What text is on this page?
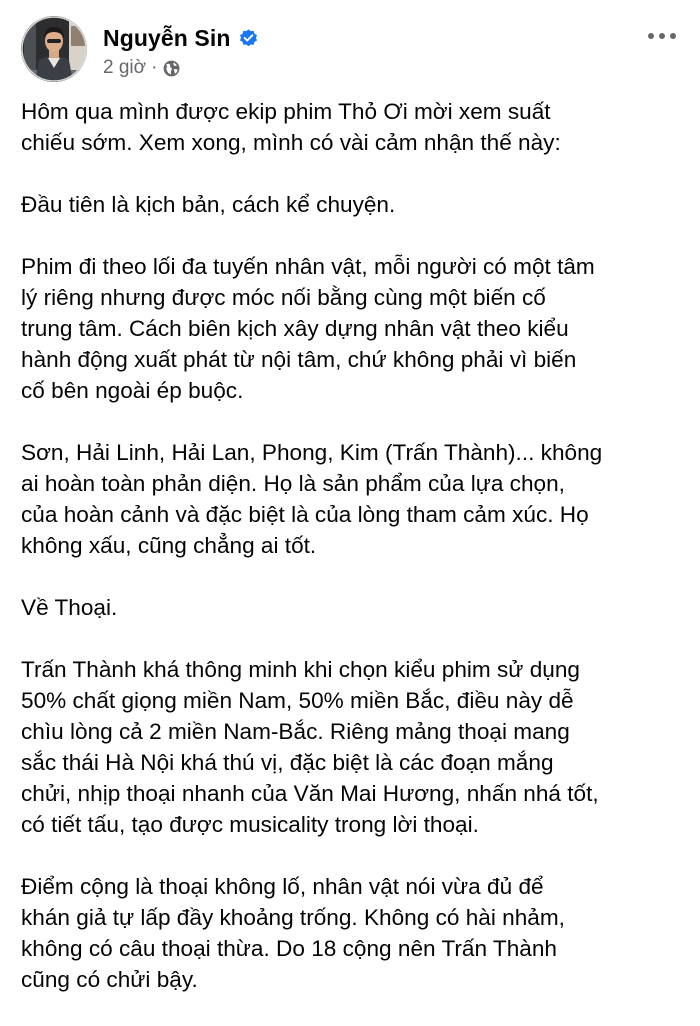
Nguyễn Sin
2 giờ ·
Hôm qua mình được ekip phim Thỏ Ơi mời xem suất
chiếu sớm. Xem xong, mình có vài cảm nhận thế này:
Đầu tiên là kịch bản, cách kể chuyện.
Phim đi theo lối đa tuyến nhân vật, mỗi người có một tâm
lý riêng nhưng được móc nối bằng cùng một biến cố
trung tâm. Cách biên kịch xây dựng nhân vật theo kiểu
hành động xuất phát từ nội tâm, chứ không phải vì biến
cố bên ngoài ép buộc.
Sơn, Hải Linh, Hải Lan, Phong, Kim (Trấn Thành)... không
ai hoàn toàn phản diện. Họ là sản phẩm của lựa chọn,
của hoàn cảnh và đặc biệt là của lòng tham cảm xúc. Họ
không xấu, cũng chẳng ai tốt.
Về Thoại.
Trấn Thành khá thông minh khi chọn kiểu phim sử dụng
50% chất giọng miền Nam, 50% miền Bắc, điều này dễ
chìu lòng cả 2 miền Nam-Bắc. Riêng mảng thoại mang
sắc thái Hà Nội khá thú vị, đặc biệt là các đoạn mắng
chửi, nhịp thoại nhanh của Văn Mai Hương, nhấn nhá tốt,
có tiết tấu, tạo được musicality trong lời thoại.
Điểm cộng là thoại không lố, nhân vật nói vừa đủ để
khán giả tự lấp đầy khoảng trống. Không có hài nhảm,
không có câu thoại thừa. Do 18 cộng nên Trấn Thành
cũng có chửi bậy.
